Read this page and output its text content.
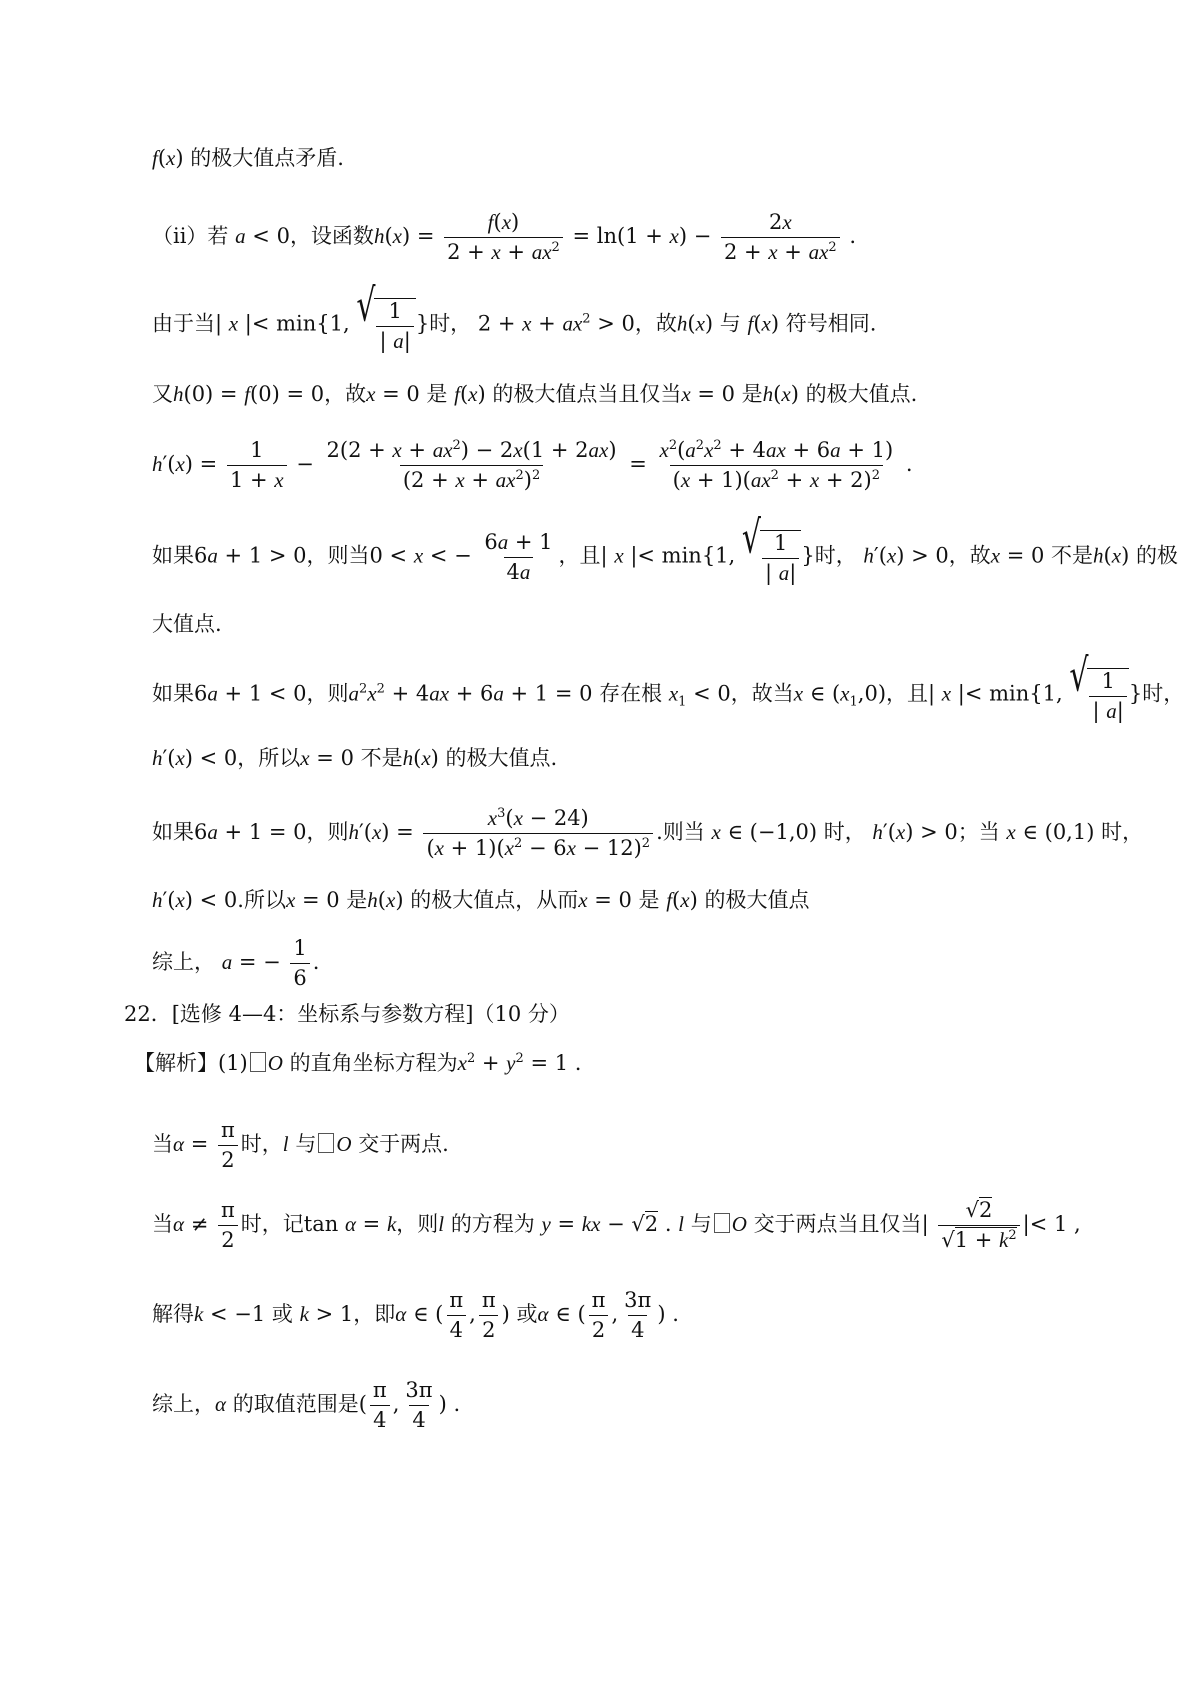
f(x) 的极大值点矛盾.
（ii）若 a < 0，设函数$h(x) = \frac{f(x)}{2 + x + ax^2} = \ln(1 + x) - \frac{2x}{2 + x + ax^2}$ .
由于当| x |< min{1, √ $\frac{1}{| a|}$ }时， $2 + x + ax^2 > 0$，故h(x) 与 f(x) 符号相同.
又h(0) = f(0) = 0，故x = 0 是 f(x) 的极大值点当且仅当x = 0 是h(x) 的极大值点.
$h'(x) = \frac{1}{1 + x} - \frac{2(2 + x + ax^2) - 2x(1 + 2ax)}{(2 + x + ax^2)^2} = \frac{x^2(a^2x^2 + 4ax + 6a + 1)}{(x + 1)(ax^2 + x + 2)^2}$ .
如果6a + 1 > 0，则当0 < x < − $\frac{6a + 1}{4a}$ ，且| x |< min{1, √ $\frac{1}{| a|}$ }时， h′(x) > 0，故x = 0 不是h(x) 的极
大值点.
如果6a + 1 < 0，则$a^2x^2 + 4ax + 6a + 1 = 0$ 存在根 $x_1 < 0$，故当x ∈ $(x_1,0)$，且| x |< min{1, √ $\frac{1}{| a|}$ }时，
h′(x) < 0，所以x = 0 不是h(x) 的极大值点.
如果6a + 1 = 0，则$h'(x) = \frac{x^3(x - 24)}{(x + 1)(x^2 - 6x - 12)^2}$ .则当 x ∈ (−1,0) 时， h′(x) > 0；当 x ∈ (0,1) 时，
h′(x) < 0.所以x = 0 是h(x) 的极大值点，从而x = 0 是 f(x) 的极大值点
综上， a = − $\frac{1}{6}$ .
22．[选修 4—4：坐标系与参数方程]（10 分）
【解析】(1) O 的直角坐标方程为$x^2 + y^2 = 1$ .
当$\alpha = \frac{\pi}{2}$ 时，l 与 O 交于两点.
当$\alpha \ne \frac{\pi}{2}$ 时，记tan α = k，则l 的方程为 y = kx − √2 . l 与 O 交于两点当且仅当| $\frac{√2}{√1 + k^2}$ |< 1 ,
解得k < −1 或 k > 1，即α ∈ ( $\frac{\pi}{4}$ , $\frac{\pi}{2}$ ) 或α ∈ ( $\frac{\pi}{2}$ , $\frac{3\pi}{4}$ ) .
综上，α 的取值范围是( $\frac{\pi}{4}$ , $\frac{3\pi}{4}$ ) .
